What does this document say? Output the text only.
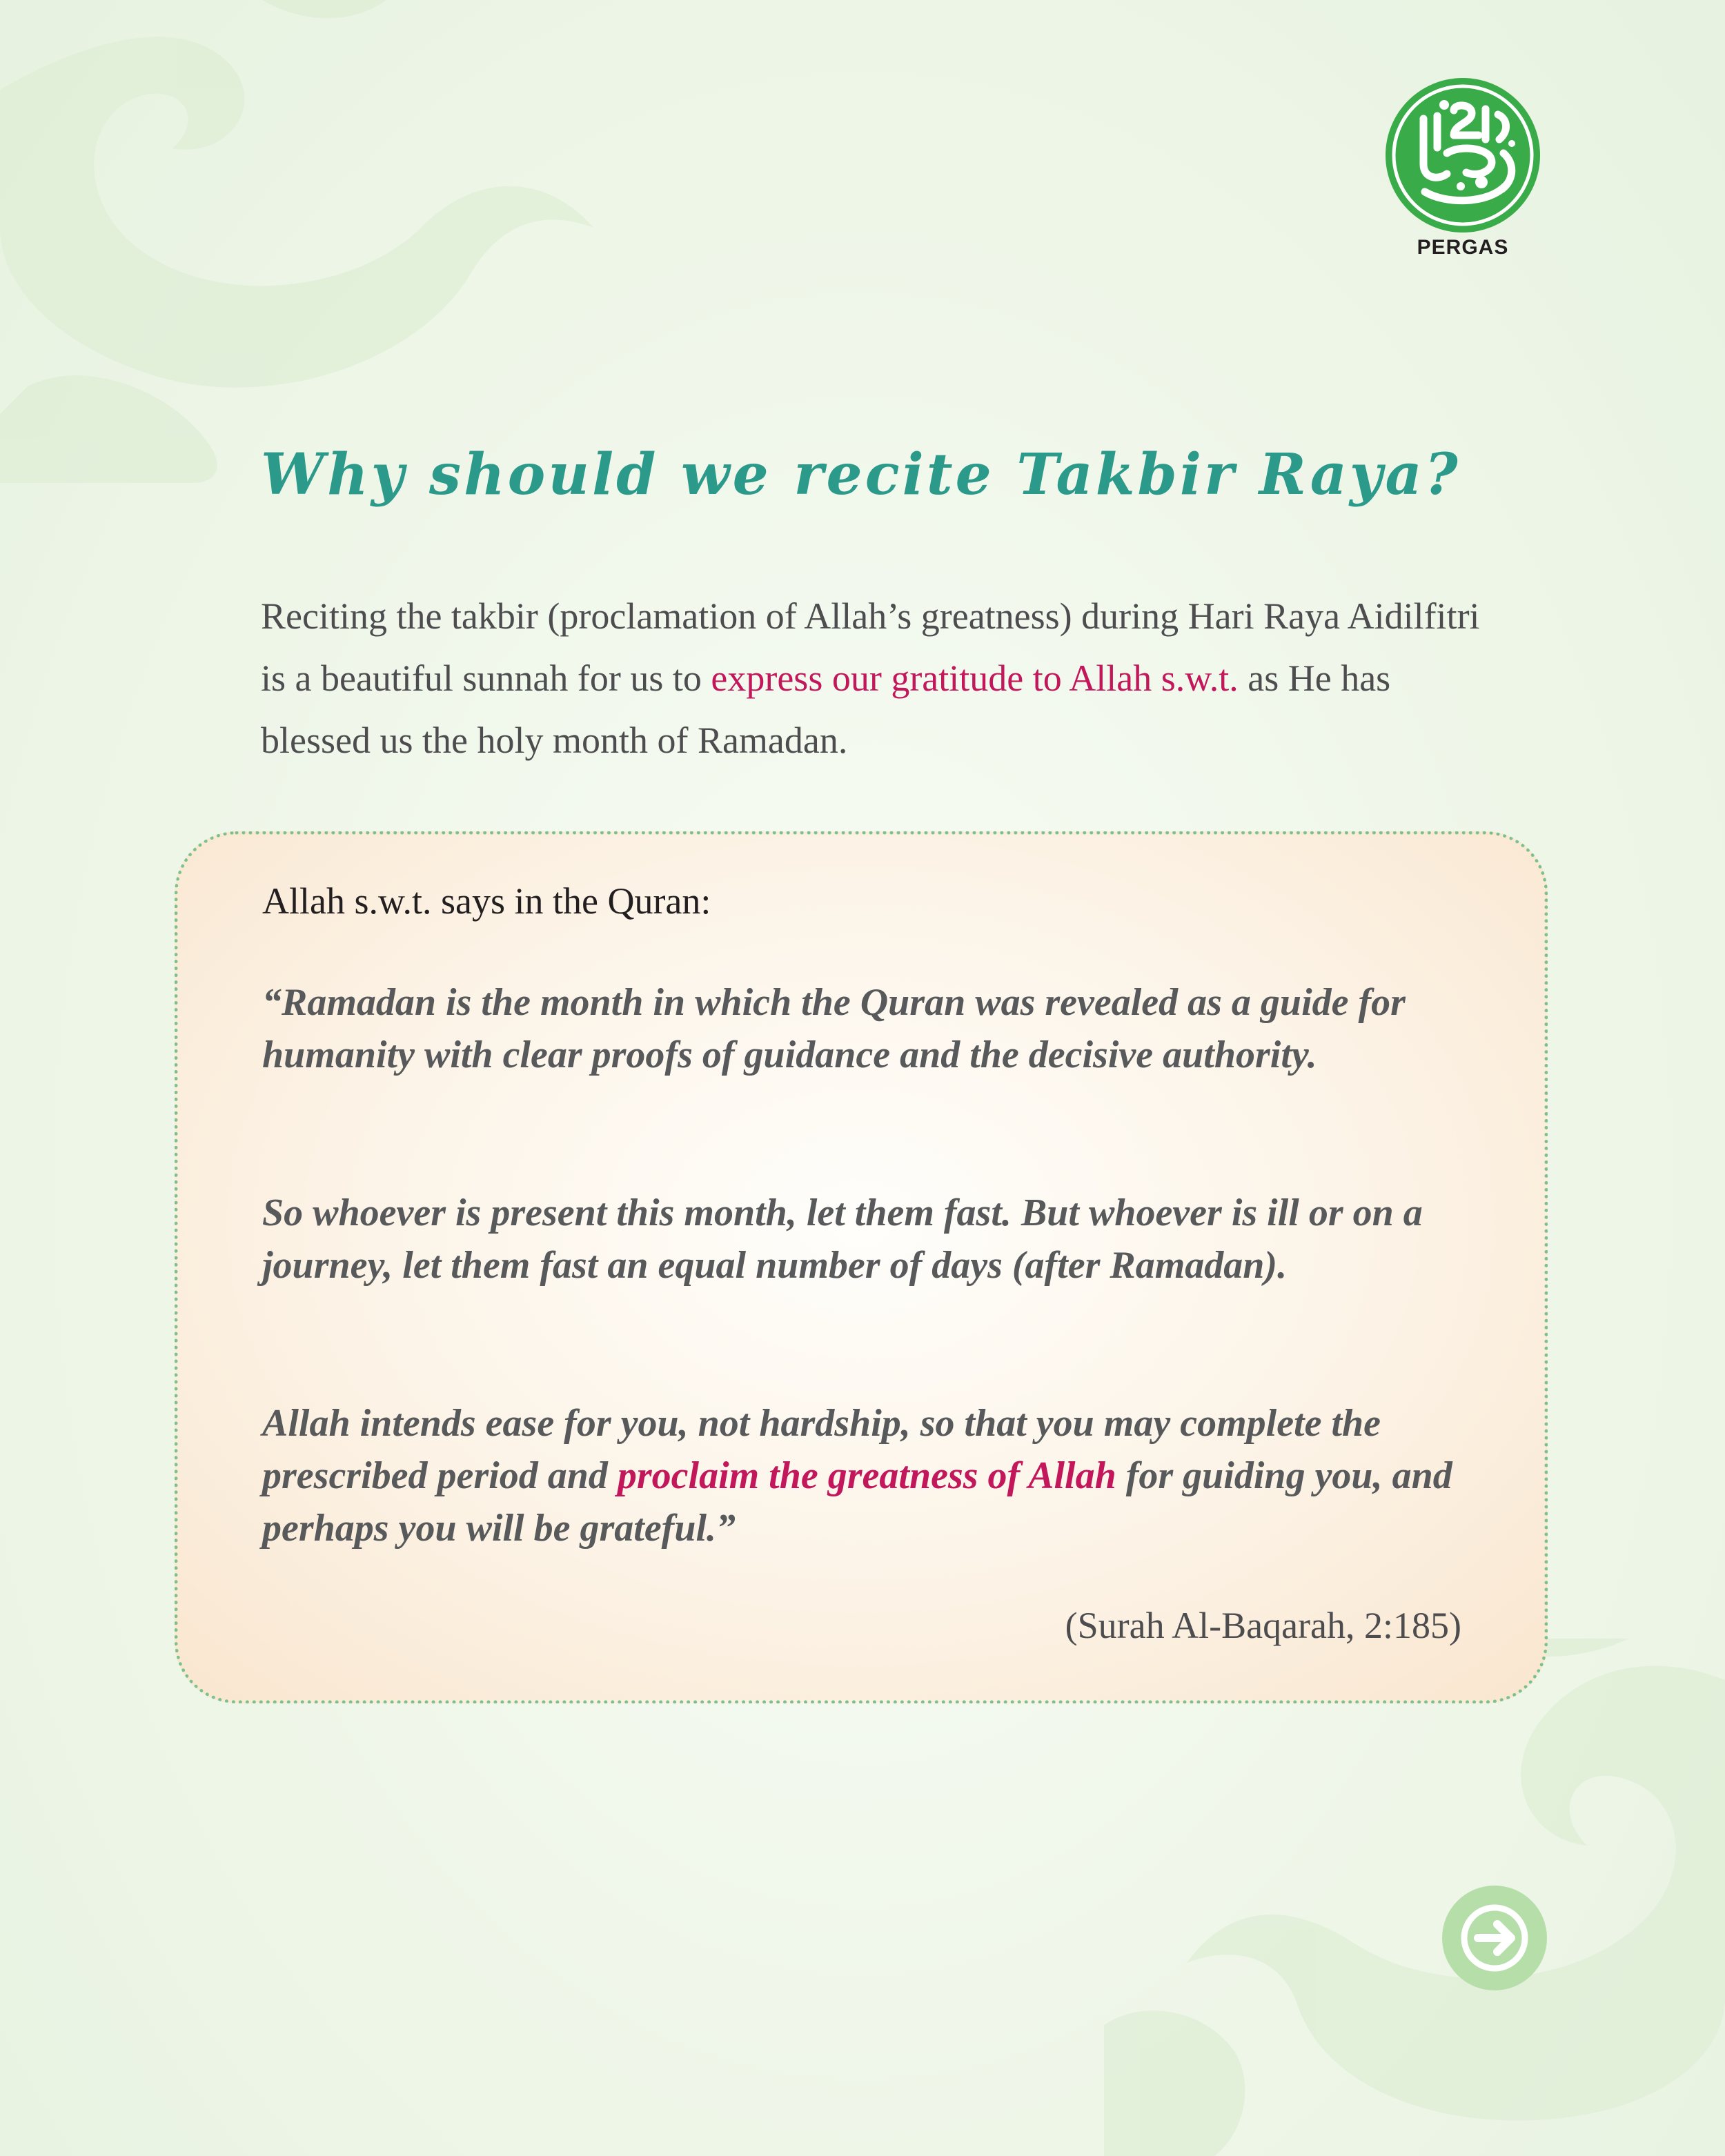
PERGAS
Why should we recite Takbir Raya?

Reciting the takbir (proclamation of Allah’s greatness) during Hari Raya Aidilfitri is a beautiful sunnah for us to express our gratitude to Allah s.w.t. as He has blessed us the holy month of Ramadan.

Allah s.w.t. says in the Quran:

“Ramadan is the month in which the Quran was revealed as a guide for humanity with clear proofs of guidance and the decisive authority.

So whoever is present this month, let them fast. But whoever is ill or on a journey, let them fast an equal number of days (after Ramadan).

Allah intends ease for you, not hardship, so that you may complete the prescribed period and proclaim the greatness of Allah for guiding you, and perhaps you will be grateful.”

(Surah Al-Baqarah, 2:185)
